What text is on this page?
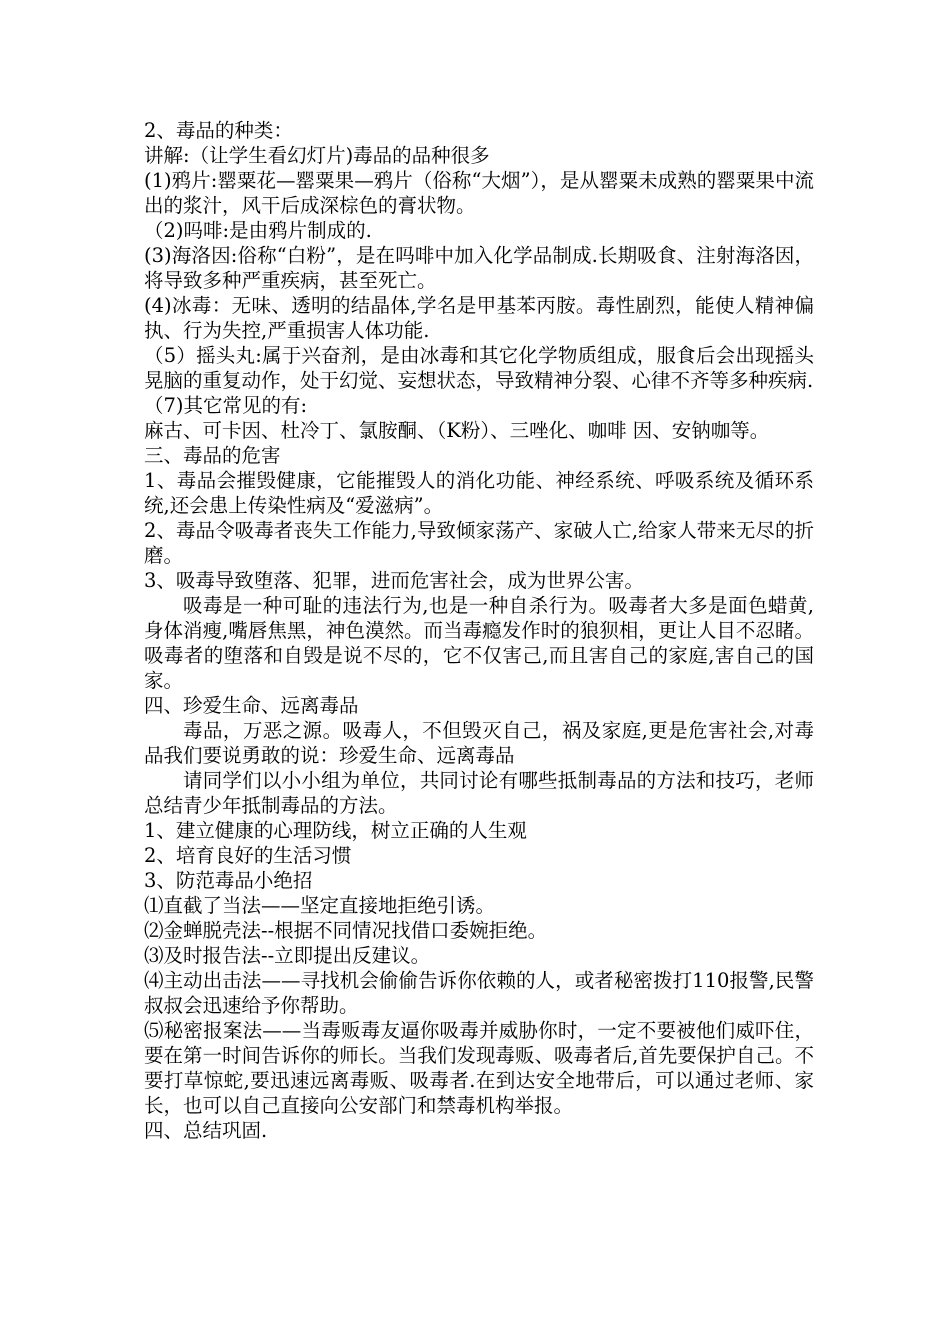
2、毒品的种类：

讲解:（让学生看幻灯片)毒品的品种很多

(1)鸦片:罂粟花—罂粟果—鸦片（俗称“大烟”），是从罂粟未成熟的罂粟果中流出的浆汁，风干后成深棕色的膏状物。

（2)吗啡:是由鸦片制成的.

(3)海洛因:俗称“白粉”，是在吗啡中加入化学品制成.长期吸食、注射海洛因，将导致多种严重疾病，甚至死亡。

(4)冰毒：无味、透明的结晶体,学名是甲基苯丙胺。毒性剧烈，能使人精神偏执、行为失控,严重损害人体功能.

（5）摇头丸:属于兴奋剂，是由冰毒和其它化学物质组成，服食后会出现摇头晃脑的重复动作，处于幻觉、妄想状态，导致精神分裂、心律不齐等多种疾病.

（7)其它常见的有:

麻古、可卡因、杜冷丁、氯胺酮、（K粉）、三唑化、咖啡 因、安钠咖等。

三、毒品的危害

1、毒品会摧毁健康，它能摧毁人的消化功能、神经系统、呼吸系统及循环系统,还会患上传染性病及“爱滋病”。

2、毒品令吸毒者丧失工作能力,导致倾家荡产、家破人亡,给家人带来无尽的折磨。

3、吸毒导致堕落、犯罪，进而危害社会，成为世界公害。

吸毒是一种可耻的违法行为,也是一种自杀行为。吸毒者大多是面色蜡黄,身体消瘦,嘴唇焦黑，神色漠然。而当毒瘾发作时的狼狈相，更让人目不忍睹。吸毒者的堕落和自毁是说不尽的，它不仅害己,而且害自己的家庭,害自己的国家。

四、珍爱生命、远离毒品

毒品，万恶之源。吸毒人，不但毁灭自己，祸及家庭,更是危害社会,对毒品我们要说勇敢的说：珍爱生命、远离毒品

请同学们以小小组为单位，共同讨论有哪些抵制毒品的方法和技巧，老师总结青少年抵制毒品的方法。

1、建立健康的心理防线，树立正确的人生观

2、培育良好的生活习惯

3、防范毒品小绝招

⑴直截了当法——坚定直接地拒绝引诱。

⑵金蝉脱壳法--根据不同情况找借口委婉拒绝。

⑶及时报告法--立即提出反建议。

⑷主动出击法——寻找机会偷偷告诉你依赖的人，或者秘密拨打110报警,民警叔叔会迅速给予你帮助。

⑸秘密报案法——当毒贩毒友逼你吸毒并威胁你时，一定不要被他们威吓住，要在第一时间告诉你的师长。当我们发现毒贩、吸毒者后,首先要保护自己。不要打草惊蛇,要迅速远离毒贩、吸毒者.在到达安全地带后，可以通过老师、家长，也可以自己直接向公安部门和禁毒机构举报。

四、总结巩固.
